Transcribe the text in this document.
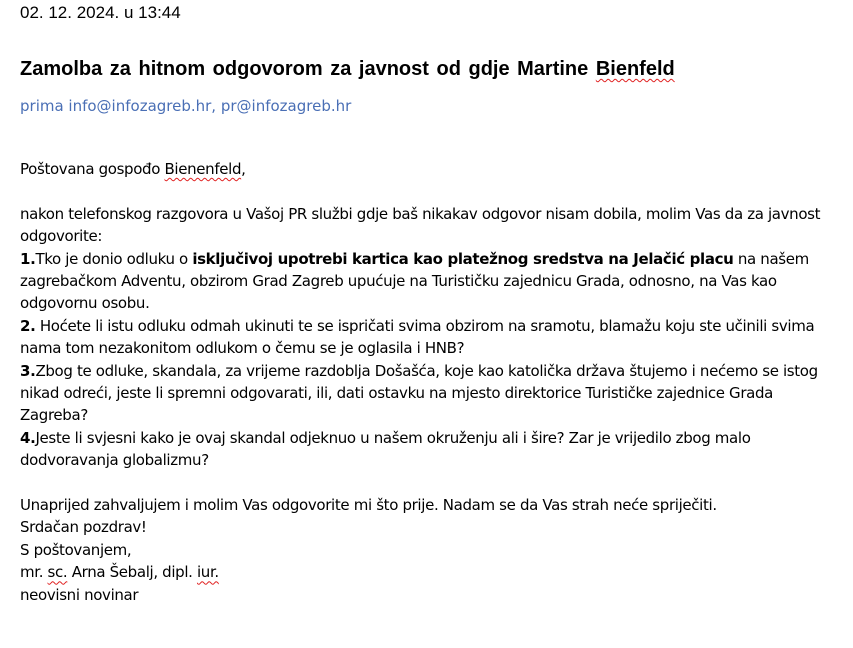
02. 12. 2024. u 13:44
Zamolba za hitnom odgovorom za javnost od gdje Martine Bienfeld
prima info@infozagreb.hr, pr@infozagreb.hr

Poštovana gospođo Bienenfeld,

nakon telefonskog razgovora u Vašoj PR službi gdje baš nikakav odgovor nisam dobila, molim Vas da za javnost odgovorite:

1.Tko je donio odluku o isključivoj upotrebi kartica kao platežnog sredstva na Jelačić placu na našem zagrebačkom Adventu, obzirom Grad Zagreb upućuje na Turističku zajednicu Grada, odnosno, na Vas kao odgovornu osobu.

2. Hoćete li istu odluku odmah ukinuti te se ispričati svima obzirom na sramotu, blamažu koju ste učinili svima nama tom nezakonitom odlukom o čemu se je oglasila i HNB?

3.Zbog te odluke, skandala, za vrijeme razdoblja Došašća, koje kao katolička država štujemo i nećemo se istog nikad odreći, jeste li spremni odgovarati, ili, dati ostavku na mjesto direktorice Turističke zajednice Grada Zagreba?

4.Jeste li svjesni kako je ovaj skandal odjeknuo u našem okruženju ali i šire? Zar je vrijedilo zbog malo dodvoravanja globalizmu?

Unaprijed zahvaljujem i molim Vas odgovorite mi što prije. Nadam se da Vas strah neće spriječiti.

Srdačan pozdrav!

S poštovanjem,

mr. sc. Arna Šebalj, dipl. iur.

neovisni novinar
